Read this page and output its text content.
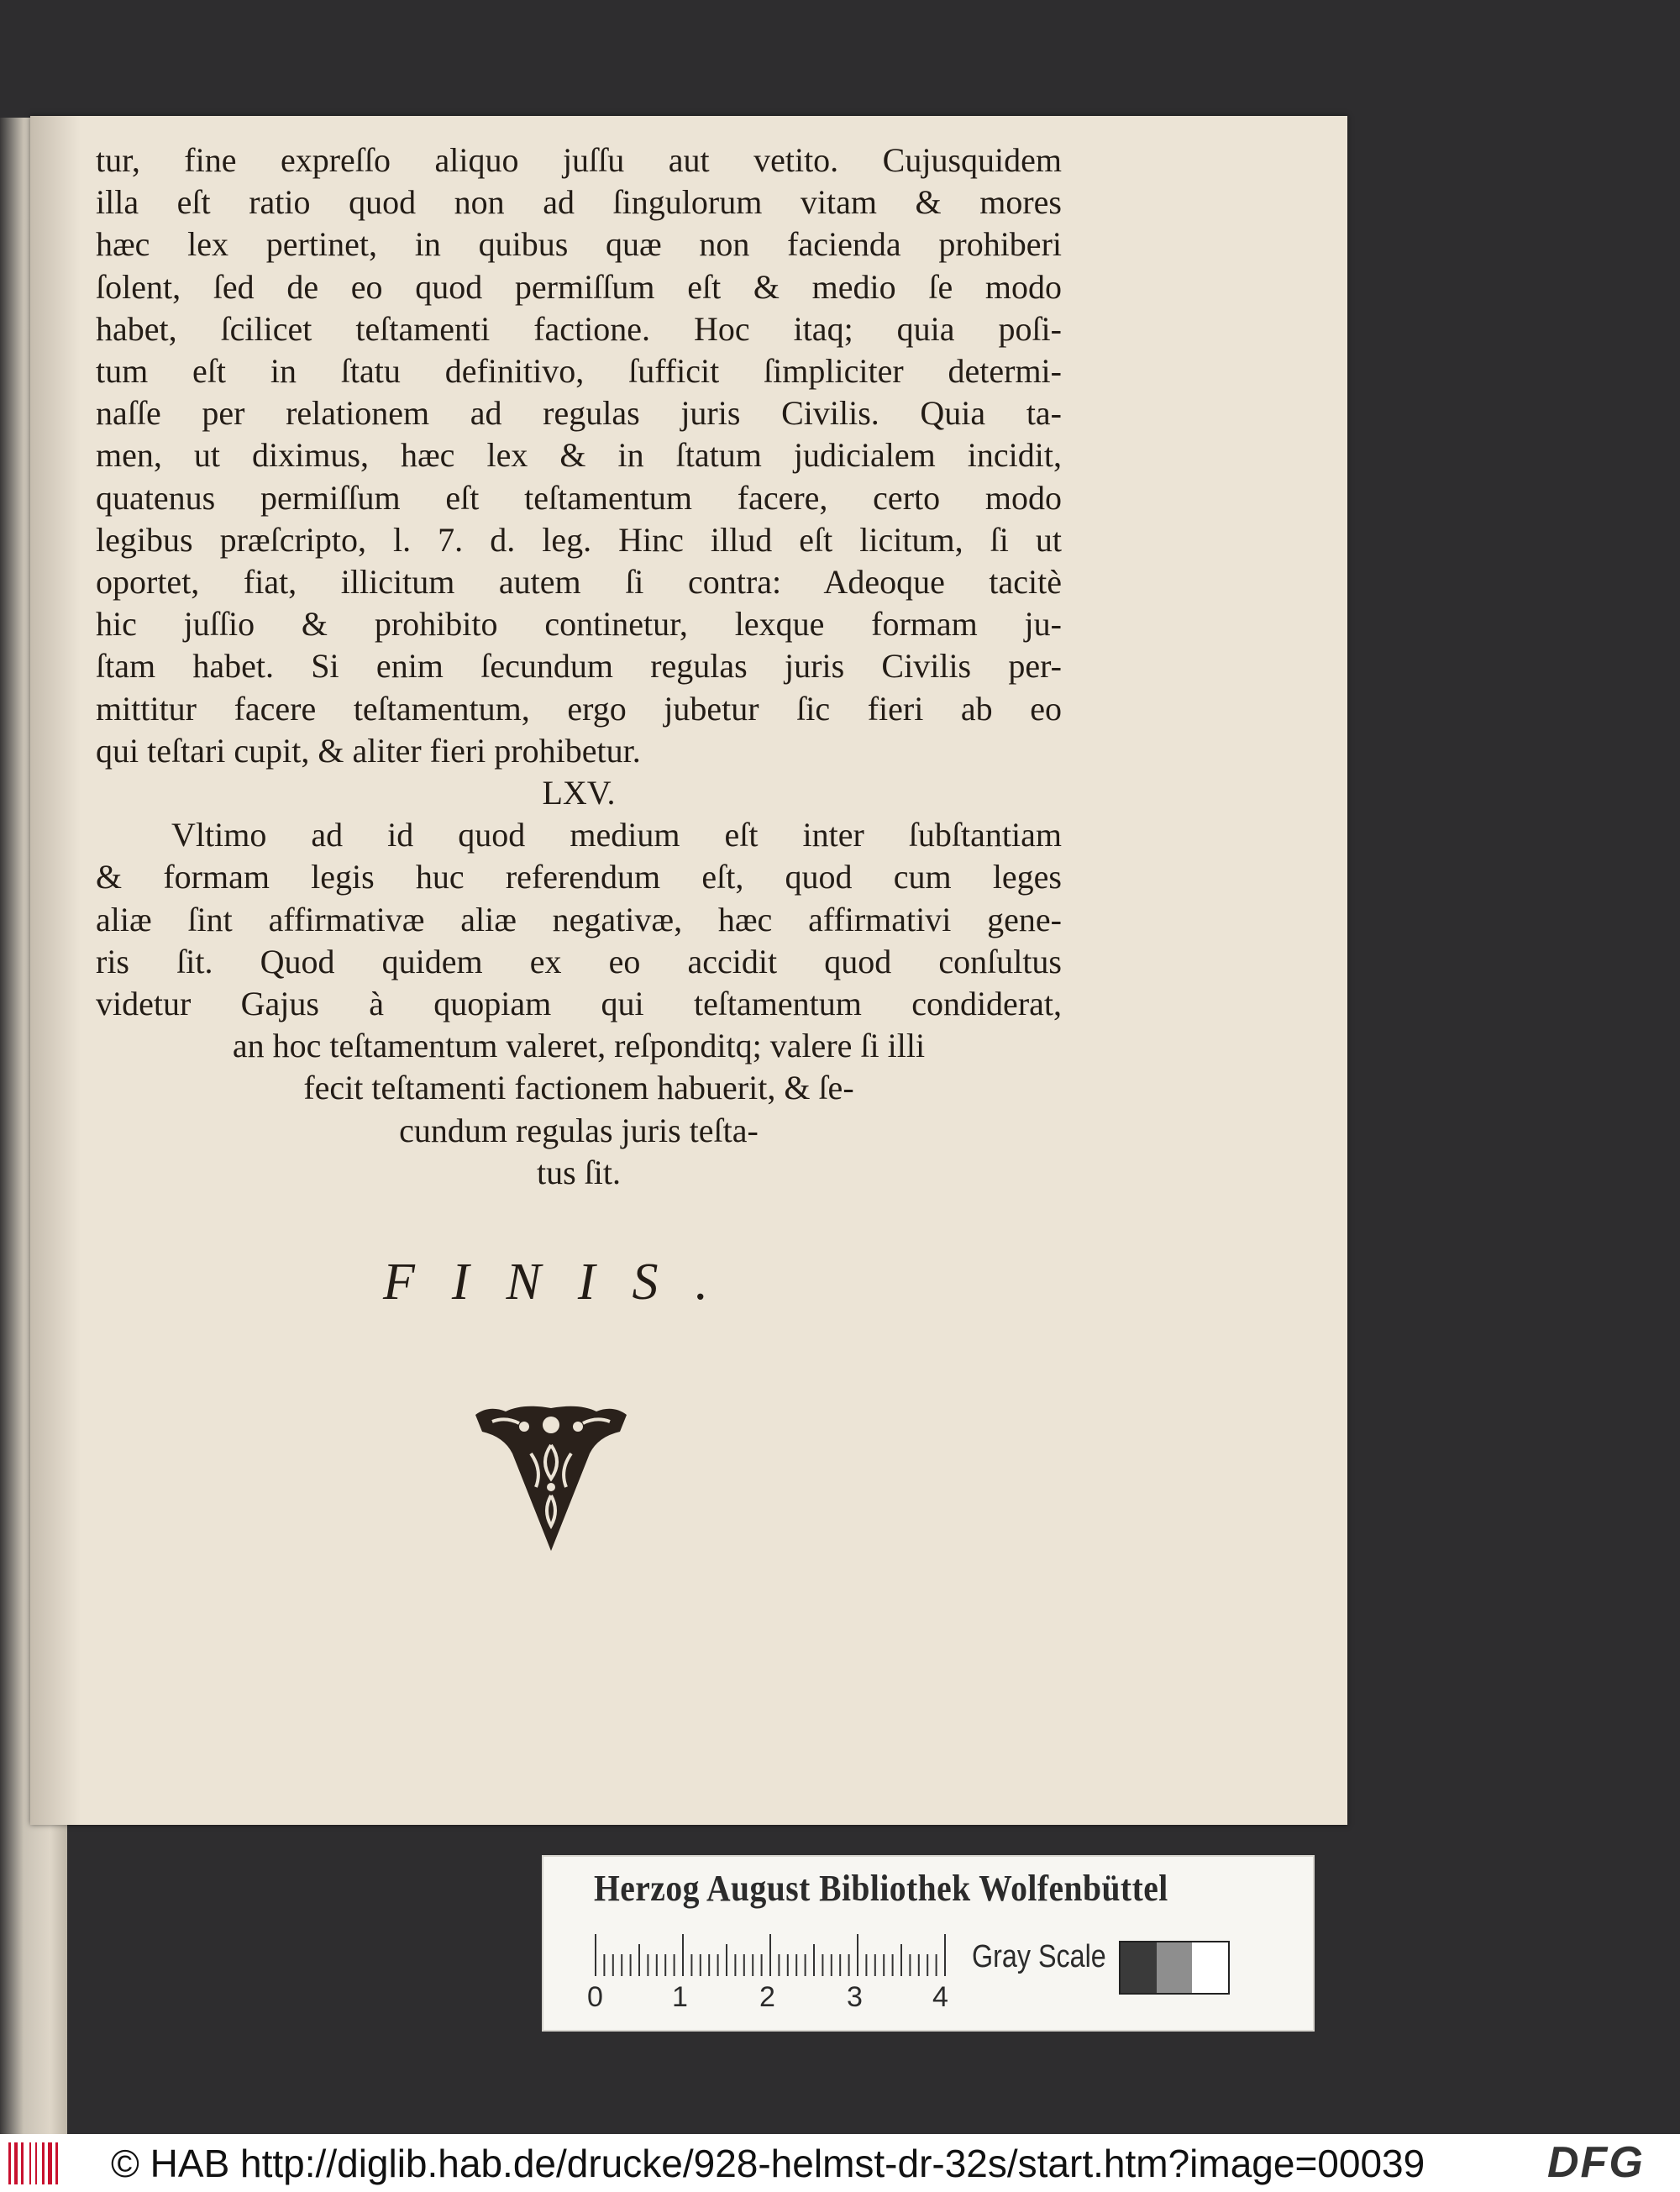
tur, fine expreſſo aliquo juſſu aut vetito. Cujusquidem
illa eſt ratio quod non ad ſingulorum vitam & mores
hæc lex pertinet, in quibus quæ non facienda prohiberi
ſolent, ſed de eo quod permiſſum eſt & medio ſe modo
habet, ſcilicet teſtamenti factione. Hoc itaq; quia poſi-
tum eſt in ſtatu definitivo, ſufficit ſimpliciter determi-
naſſe per relationem ad regulas juris Civilis. Quia ta-
men, ut diximus, hæc lex & in ſtatum judicialem incidit,
quatenus permiſſum eſt teſtamentum facere, certo modo
legibus præſcripto, l. 7. d. leg. Hinc illud eſt licitum, ſi ut
oportet, fiat, illicitum autem ſi contra: Adeoque tacitè
hic juſſio & prohibito continetur, lexque formam ju-
ſtam habet. Si enim ſecundum regulas juris Civilis per-
mittitur facere teſtamentum, ergo jubetur ſic fieri ab eo
qui teſtari cupit, & aliter fieri prohibetur.
LXV.
Vltimo ad id quod medium eſt inter ſubſtantiam
& formam legis huc referendum eſt, quod cum leges
aliæ ſint affirmativæ aliæ negativæ, hæc affirmativi gene-
ris ſit. Quod quidem ex eo accidit quod conſultus
videtur Gajus à quopiam qui teſtamentum condiderat,
an hoc teſtamentum valeret, reſponditq; valere ſi illi
fecit teſtamenti factionem habuerit, & ſe-
cundum regulas juris teſta-
tus ſit.
FINIS.
Herzog August Bibliothek Wolfenbüttel
0 1	2	3 4
Gray Scale
© HAB http://diglib.hab.de/drucke/928-helmst-dr-32s/start.htm?image=00039	DFG
